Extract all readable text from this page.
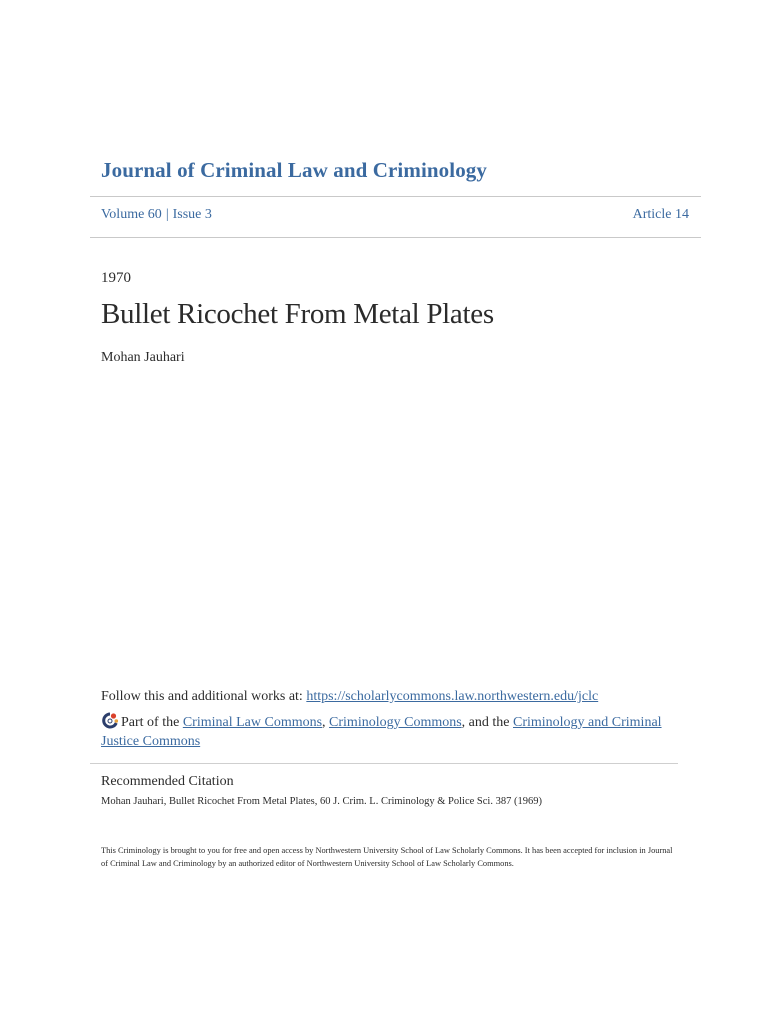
Journal of Criminal Law and Criminology
Volume 60 | Issue 3	Article 14
1970
Bullet Ricochet From Metal Plates
Mohan Jauhari
Follow this and additional works at: https://scholarlycommons.law.northwestern.edu/jclc
Part of the Criminal Law Commons, Criminology Commons, and the Criminology and Criminal Justice Commons
Recommended Citation
Mohan Jauhari, Bullet Ricochet From Metal Plates, 60 J. Crim. L. Criminology & Police Sci. 387 (1969)
This Criminology is brought to you for free and open access by Northwestern University School of Law Scholarly Commons. It has been accepted for inclusion in Journal of Criminal Law and Criminology by an authorized editor of Northwestern University School of Law Scholarly Commons.
